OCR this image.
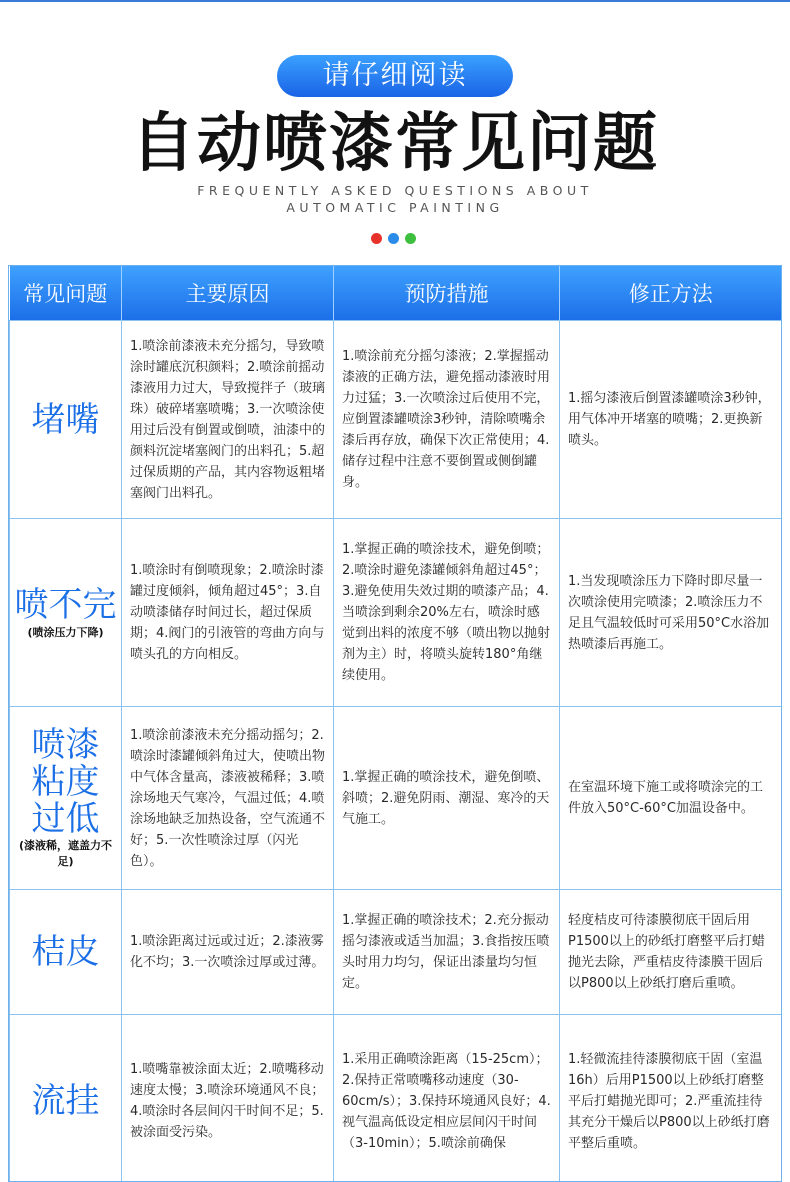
请仔细阅读
自动喷漆常见问题
FREQUENTLY ASKED QUESTIONS ABOUT
AUTOMATIC PAINTING
常见问题	主要原因	预防措施	修正方法

堵嘴	1.喷涂前漆液未充分摇匀，导致喷涂时罐底沉积颜料；2.喷涂前摇动漆液用力过大，导致搅拌子（玻璃珠）破碎堵塞喷嘴；3.一次喷涂使用过后没有倒置或倒喷，油漆中的颜料沉淀堵塞阀门的出料孔；5.超过保质期的产品，其内容物返粗堵塞阀门出料孔。	1.喷涂前充分摇匀漆液；2.掌握摇动漆液的正确方法，避免摇动漆液时用力过猛；3.一次喷涂过后使用不完，应倒置漆罐喷涂3秒钟，清除喷嘴余漆后再存放，确保下次正常使用；4.储存过程中注意不要倒置或侧倒罐身。	1.摇匀漆液后倒置漆罐喷涂3秒钟，用气体冲开堵塞的喷嘴；2.更换新喷头。

喷不完
(喷涂压力下降)	1.喷涂时有倒喷现象；2.喷涂时漆罐过度倾斜，倾角超过45°；3.自动喷漆储存时间过长，超过保质期；4.阀门的引液管的弯曲方向与喷头孔的方向相反。	1.掌握正确的喷涂技术，避免倒喷；2.喷涂时避免漆罐倾斜角超过45°；3.避免使用失效过期的喷漆产品；4.当喷涂到剩余20%左右，喷涂时感觉到出料的浓度不够（喷出物以抛射剂为主）时，将喷头旋转180°角继续使用。	1.当发现喷涂压力下降时即尽量一次喷涂使用完喷漆；2.喷涂压力不足且气温较低时可采用50°C水浴加热喷漆后再施工。

喷漆粘度过低
(漆液稀，遮盖力不足)	1.喷涂前漆液未充分摇动摇匀；2.喷涂时漆罐倾斜角过大，使喷出物中气体含量高，漆液被稀释；3.喷涂场地天气寒冷，气温过低；4.喷涂场地缺乏加热设备，空气流通不好；5.一次性喷涂过厚（闪光色）。	1.掌握正确的喷涂技术，避免倒喷、斜喷；2.避免阴雨、潮湿、寒冷的天气施工。	在室温环境下施工或将喷涂完的工件放入50°C-60°C加温设备中。

桔皮	1.喷涂距离过远或过近；2.漆液雾化不均；3.一次喷涂过厚或过薄。	1.掌握正确的喷涂技术；2.充分振动摇匀漆液或适当加温；3.食指按压喷头时用力均匀，保证出漆量均匀恒定。	轻度桔皮可待漆膜彻底干固后用P1500以上的砂纸打磨整平后打蜡抛光去除，严重桔皮待漆膜干固后以P800以上砂纸打磨后重喷。

流挂	1.喷嘴靠被涂面太近；2.喷嘴移动速度太慢；3.喷涂环境通风不良；4.喷涂时各层间闪干时间不足；5.被涂面受污染。	1.采用正确喷涂距离（15-25cm）；2.保持正常喷嘴移动速度（30-60cm/s）；3.保持环境通风良好；4.视气温高低设定相应层间闪干时间（3-10min）；5.喷涂前确保	1.轻微流挂待漆膜彻底干固（室温16h）后用P1500以上砂纸打磨整平后打蜡抛光即可；2.严重流挂待其充分干燥后以P800以上砂纸打磨平整后重喷。
